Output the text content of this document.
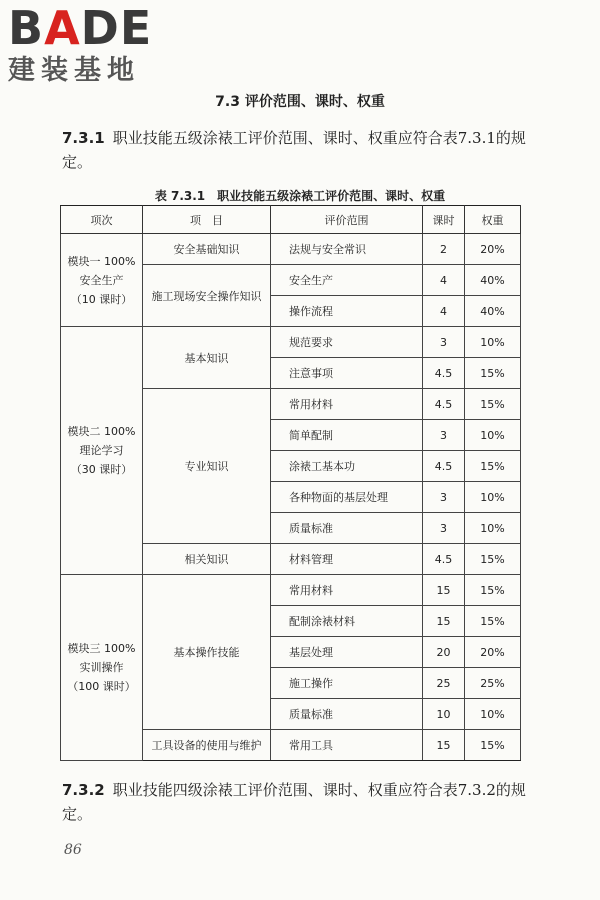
BADE
建装基地
7.3 评价范围、课时、权重
7.3.1 职业技能五级涂裱工评价范围、课时、权重应符合表7.3.1的规定。
表 7.3.1 职业技能五级涂裱工评价范围、课时、权重
项次	项　目	评价范围	课时	权重

模块一 100%
安全生产
（10 课时）	安全基础知识	法规与安全常识	2	20%
	施工现场安全操作知识	安全生产	4	40%
		操作流程	4	40%

模块二 100%
理论学习
（30 课时）	基本知识	规范要求	3	10%
		注意事项	4.5	15%
	专业知识	常用材料	4.5	15%
		简单配制	3	10%
		涂裱工基本功	4.5	15%
		各种物面的基层处理	3	10%
		质量标准	3	10%
	相关知识	材料管理	4.5	15%

模块三 100%
实训操作
（100 课时）	基本操作技能	常用材料	15	15%
		配制涂裱材料	15	15%
		基层处理	20	20%
		施工操作	25	25%
		质量标准	10	10%
	工具设备的使用与维护	常用工具	15	15%
7.3.2 职业技能四级涂裱工评价范围、课时、权重应符合表7.3.2的规定。
86
